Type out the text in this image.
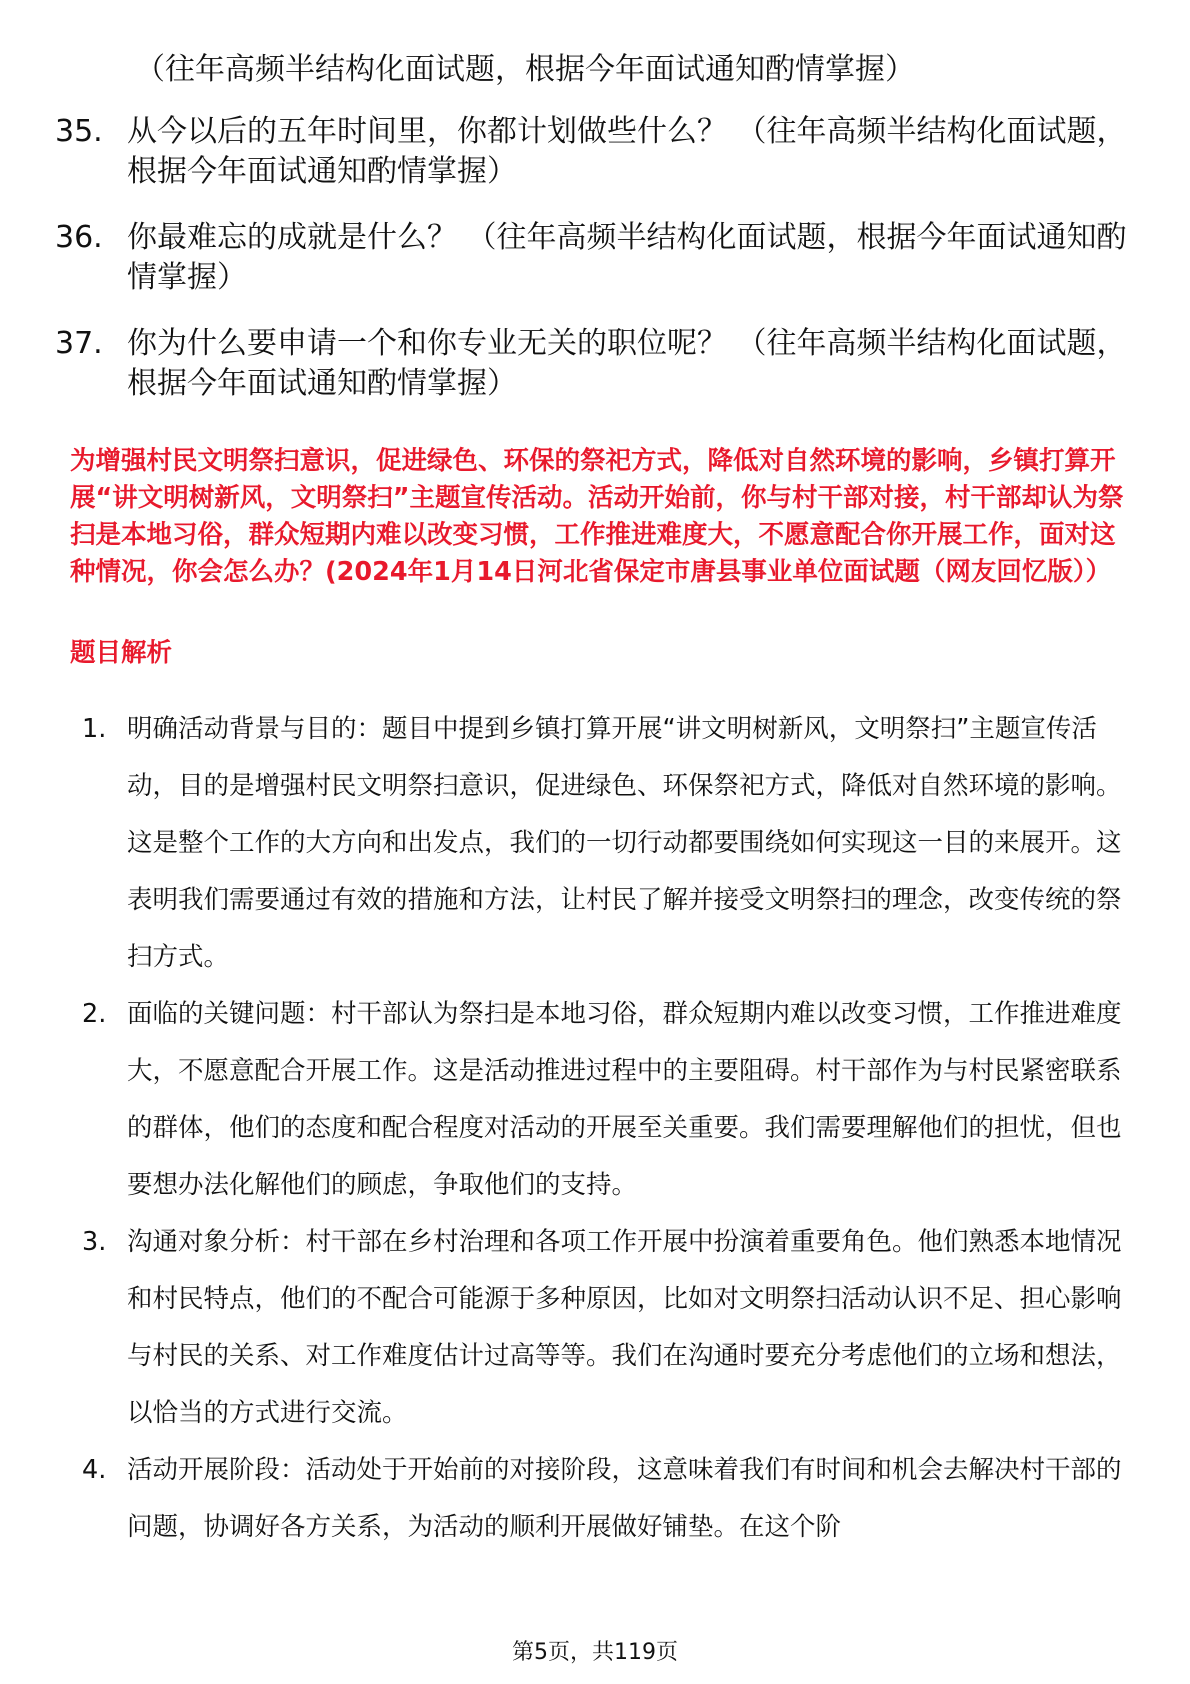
（往年高频半结构化面试题，根据今年面试通知酌情掌握）
35. 从今以后的五年时间里，你都计划做些什么？ （往年高频半结构化面试题，根据今年面试通知酌情掌握）
36. 你最难忘的成就是什么？ （往年高频半结构化面试题，根据今年面试通知酌情掌握）
37. 你为什么要申请一个和你专业无关的职位呢？ （往年高频半结构化面试题，根据今年面试通知酌情掌握）

为增强村民文明祭扫意识，促进绿色、环保的祭祀方式，降低对自然环境的影响，乡镇打算开展“讲文明树新风，文明祭扫”主题宣传活动。活动开始前，你与村干部对接，村干部却认为祭扫是本地习俗，群众短期内难以改变习惯，工作推进难度大，不愿意配合你开展工作，面对这种情况，你会怎么办？(2024年1月14日河北省保定市唐县事业单位面试题（网友回忆版））

题目解析

1. 明确活动背景与目的：题目中提到乡镇打算开展“讲文明树新风，文明祭扫”主题宣传活动，目的是增强村民文明祭扫意识，促进绿色、环保祭祀方式，降低对自然环境的影响。这是整个工作的大方向和出发点，我们的一切行动都要围绕如何实现这一目的来展开。这表明我们需要通过有效的措施和方法，让村民了解并接受文明祭扫的理念，改变传统的祭扫方式。
2. 面临的关键问题：村干部认为祭扫是本地习俗，群众短期内难以改变习惯，工作推进难度大，不愿意配合开展工作。这是活动推进过程中的主要阻碍。村干部作为与村民紧密联系的群体，他们的态度和配合程度对活动的开展至关重要。我们需要理解他们的担忧，但也要想办法化解他们的顾虑，争取他们的支持。
3. 沟通对象分析：村干部在乡村治理和各项工作开展中扮演着重要角色。他们熟悉本地情况和村民特点，他们的不配合可能源于多种原因，比如对文明祭扫活动认识不足、担心影响与村民的关系、对工作难度估计过高等等。我们在沟通时要充分考虑他们的立场和想法，以恰当的方式进行交流。
4. 活动开展阶段：活动处于开始前的对接阶段，这意味着我们有时间和机会去解决村干部的问题，协调好各方关系，为活动的顺利开展做好铺垫。在这个阶
第5页，共119页
